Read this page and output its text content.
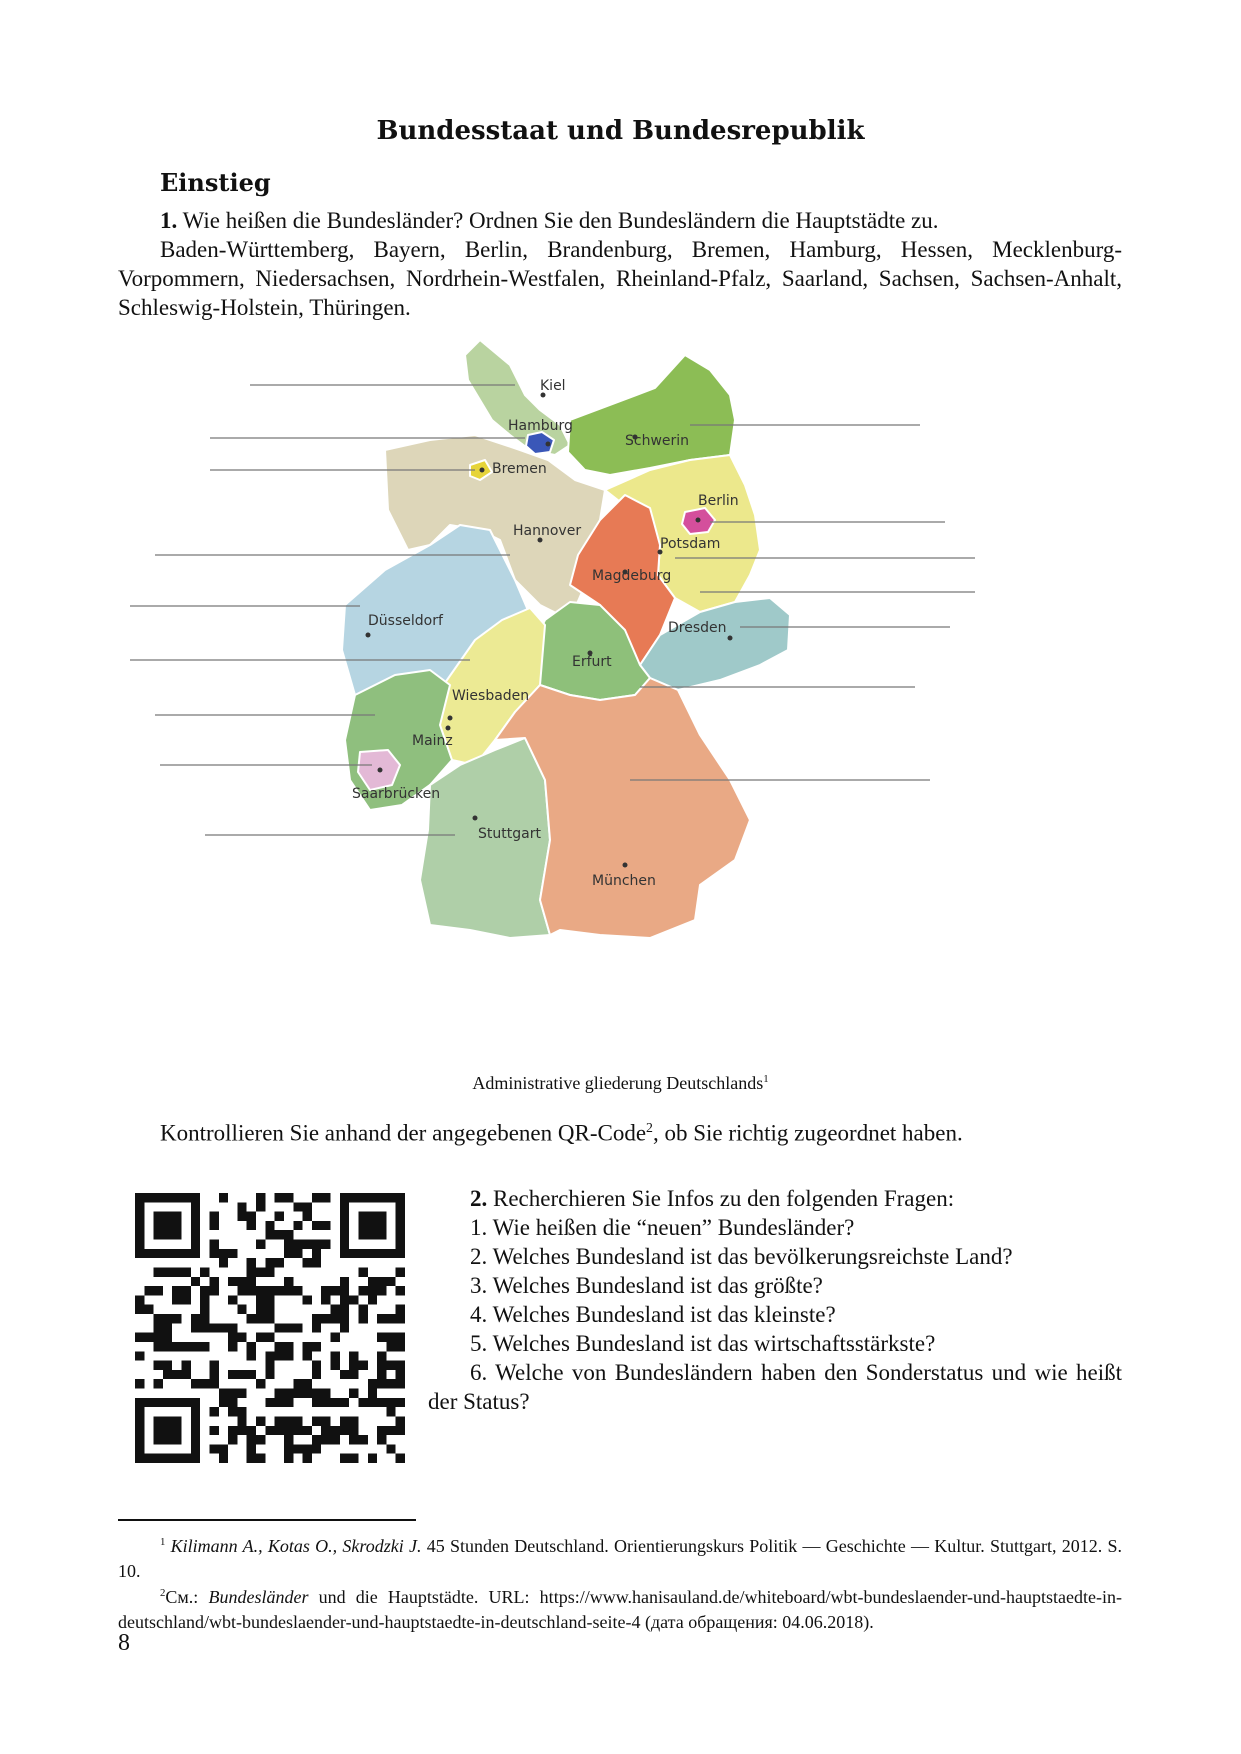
Bundesstaat und Bundesrepublik
Einstieg
1. Wie heißen die Bundesländer? Ordnen Sie den Bundesländern die Hauptstädte zu.
Baden-Württemberg, Bayern, Berlin, Brandenburg, Bremen, Hamburg, Hessen, Mecklenburg-Vorpommern, Niedersachsen, Nordrhein-Westfalen, Rheinland-Pfalz, Saarland, Sachsen, Sachsen-Anhalt, Schleswig-Holstein, Thüringen.
Kiel
Hamburg
Schwerin
Bremen
Berlin
Hannover
Potsdam
Magdeburg
Düsseldorf	Dresden
Erfurt
Wiesbaden
Mainz
Saarbrücken
Stuttgart
München
Administrative gliederung Deutschlands$^1$
Kontrollieren Sie anhand der angegebenen QR-Code$^2$, ob Sie richtig zugeordnet haben.
2. Recherchieren Sie Infos zu den folgenden Fragen:
1. Wie heißen die “neuen” Bundesländer?
2. Welches Bundesland ist das bevölkerungsreichste Land?
3. Welches Bundesland ist das größte?
4. Welches Bundesland ist das kleinste?
5. Welches Bundesland ist das wirtschaftsstärkste?
6. Welche von Bundesländern haben den Sonderstatus und wie heißt der Status?
$^1$ Kilimann A., Kotas O., Skrodzki J. 45 Stunden Deutschland. Orientierungskurs Politik — Geschichte — Kultur. Stuttgart, 2012. S. 10.
$^2$См.: Bundesländer und die Hauptstädte. URL: https://www.hanisauland.de/whiteboard/wbt-bundeslaender-und-hauptstaedte-in-deutschland/wbt-bundeslaender-und-hauptstaedte-in-deutschland-seite-4 (дата обращения: 04.06.2018).
8
